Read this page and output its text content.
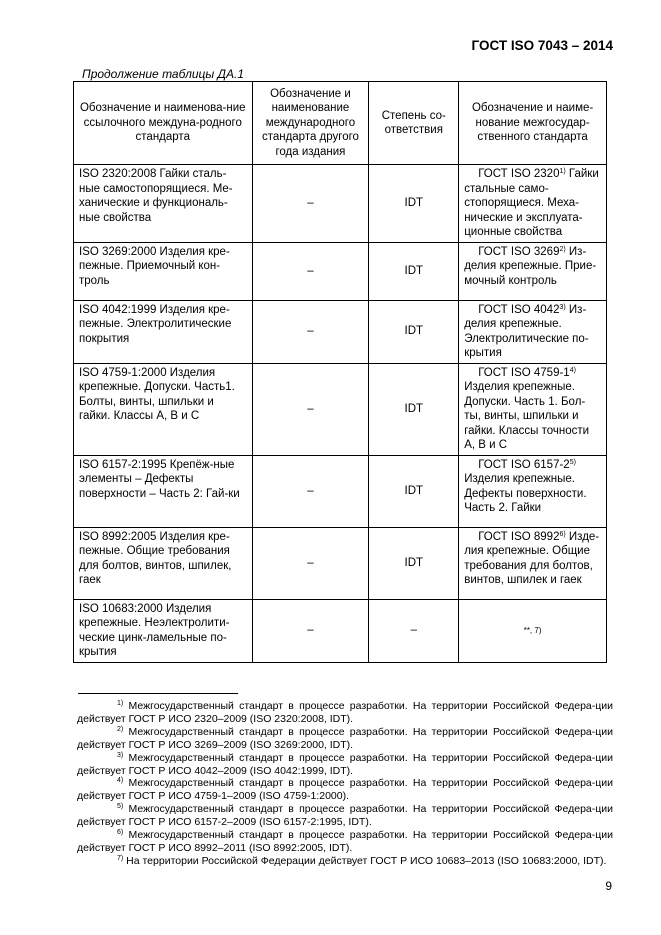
ГОСТ ISO 7043 – 2014
Продолжение таблицы ДА.1
Обозначение и наименова-ние ссылочного междуна-родного стандарта	Обозначение и наименование международного стандарта другого года издания	Степень со-ответствия	Обозначение и наиме-нование межгосудар-ственного стандарта
ISO 2320:2008 Гайки сталь-ные самостопорящиеся. Ме-ханические и функциональ-ные свойства	–	IDT	ГОСТ ISO 2320$^{1)}$ Гайки стальные само-стопорящиеся. Меха-нические и эксплуата-ционные свойства
ISO 3269:2000 Изделия кре-пежные. Приемочный кон-троль	–	IDT	ГОСТ ISO 3269$^{2)}$ Из-делия крепежные. Прие-мочный контроль
ISO 4042:1999 Изделия кре-пежные. Электролитические покрытия	–	IDT	ГОСТ ISO 4042$^{3)}$ Из-делия крепежные. Электролитические по-крытия
ISO 4759-1:2000 Изделия крепежные. Допуски. Часть1. Болты, винты, шпильки и гайки. Классы А, В и С	–	IDT	ГОСТ ISO 4759-1$^{4)}$ Изделия крепежные. Допуски. Часть 1. Бол-ты, винты, шпильки и гайки. Классы точности А, В и С
ISO 6157-2:1995 Крепёж-ные элементы – Дефекты поверхности – Часть 2: Гай-ки	–	IDT	ГОСТ ISO 6157-2$^{5)}$ Изделия крепежные. Дефекты поверхности. Часть 2. Гайки
ISO 8992:2005 Изделия кре-пежные. Общие требования для болтов, винтов, шпилек, гаек	–	IDT	ГОСТ ISO 8992$^{6)}$ Изде-лия крепежные. Общие требования для болтов, винтов, шпилек и гаек
ISO 10683:2000 Изделия крепежные. Неэлектролити-ческие цинк-ламельные по-крытия	–	–	**, 7)

$^{1)}$ Межгосударственный стандарт в процессе разработки. На территории Российской Федера-ции действует ГОСТ Р ИСО 2320–2009 (ISO 2320:2008, IDT).

$^{2)}$ Межгосударственный стандарт в процессе разработки. На территории Российской Федера-ции действует ГОСТ Р ИСО 3269–2009 (ISO 3269:2000, IDT).

$^{3)}$ Межгосударственный стандарт в процессе разработки. На территории Российской Федера-ции действует ГОСТ Р ИСО 4042–2009 (ISO 4042:1999, IDT).

$^{4)}$ Межгосударственный стандарт в процессе разработки. На территории Российской Федера-ции действует ГОСТ Р ИСО 4759-1–2009 (ISO 4759-1:2000).

$^{5)}$ Межгосударственный стандарт в процессе разработки. На территории Российской Федера-ции действует ГОСТ Р ИСО 6157-2–2009 (ISO 6157-2:1995, IDT).

$^{6)}$ Межгосударственный стандарт в процессе разработки. На территории Российской Федера-ции действует ГОСТ Р ИСО 8992–2011 (ISO 8992:2005, IDT).

$^{7)}$ На территории Российской Федерации действует ГОСТ Р ИСО 10683–2013 (ISO 10683:2000, IDT).

9
